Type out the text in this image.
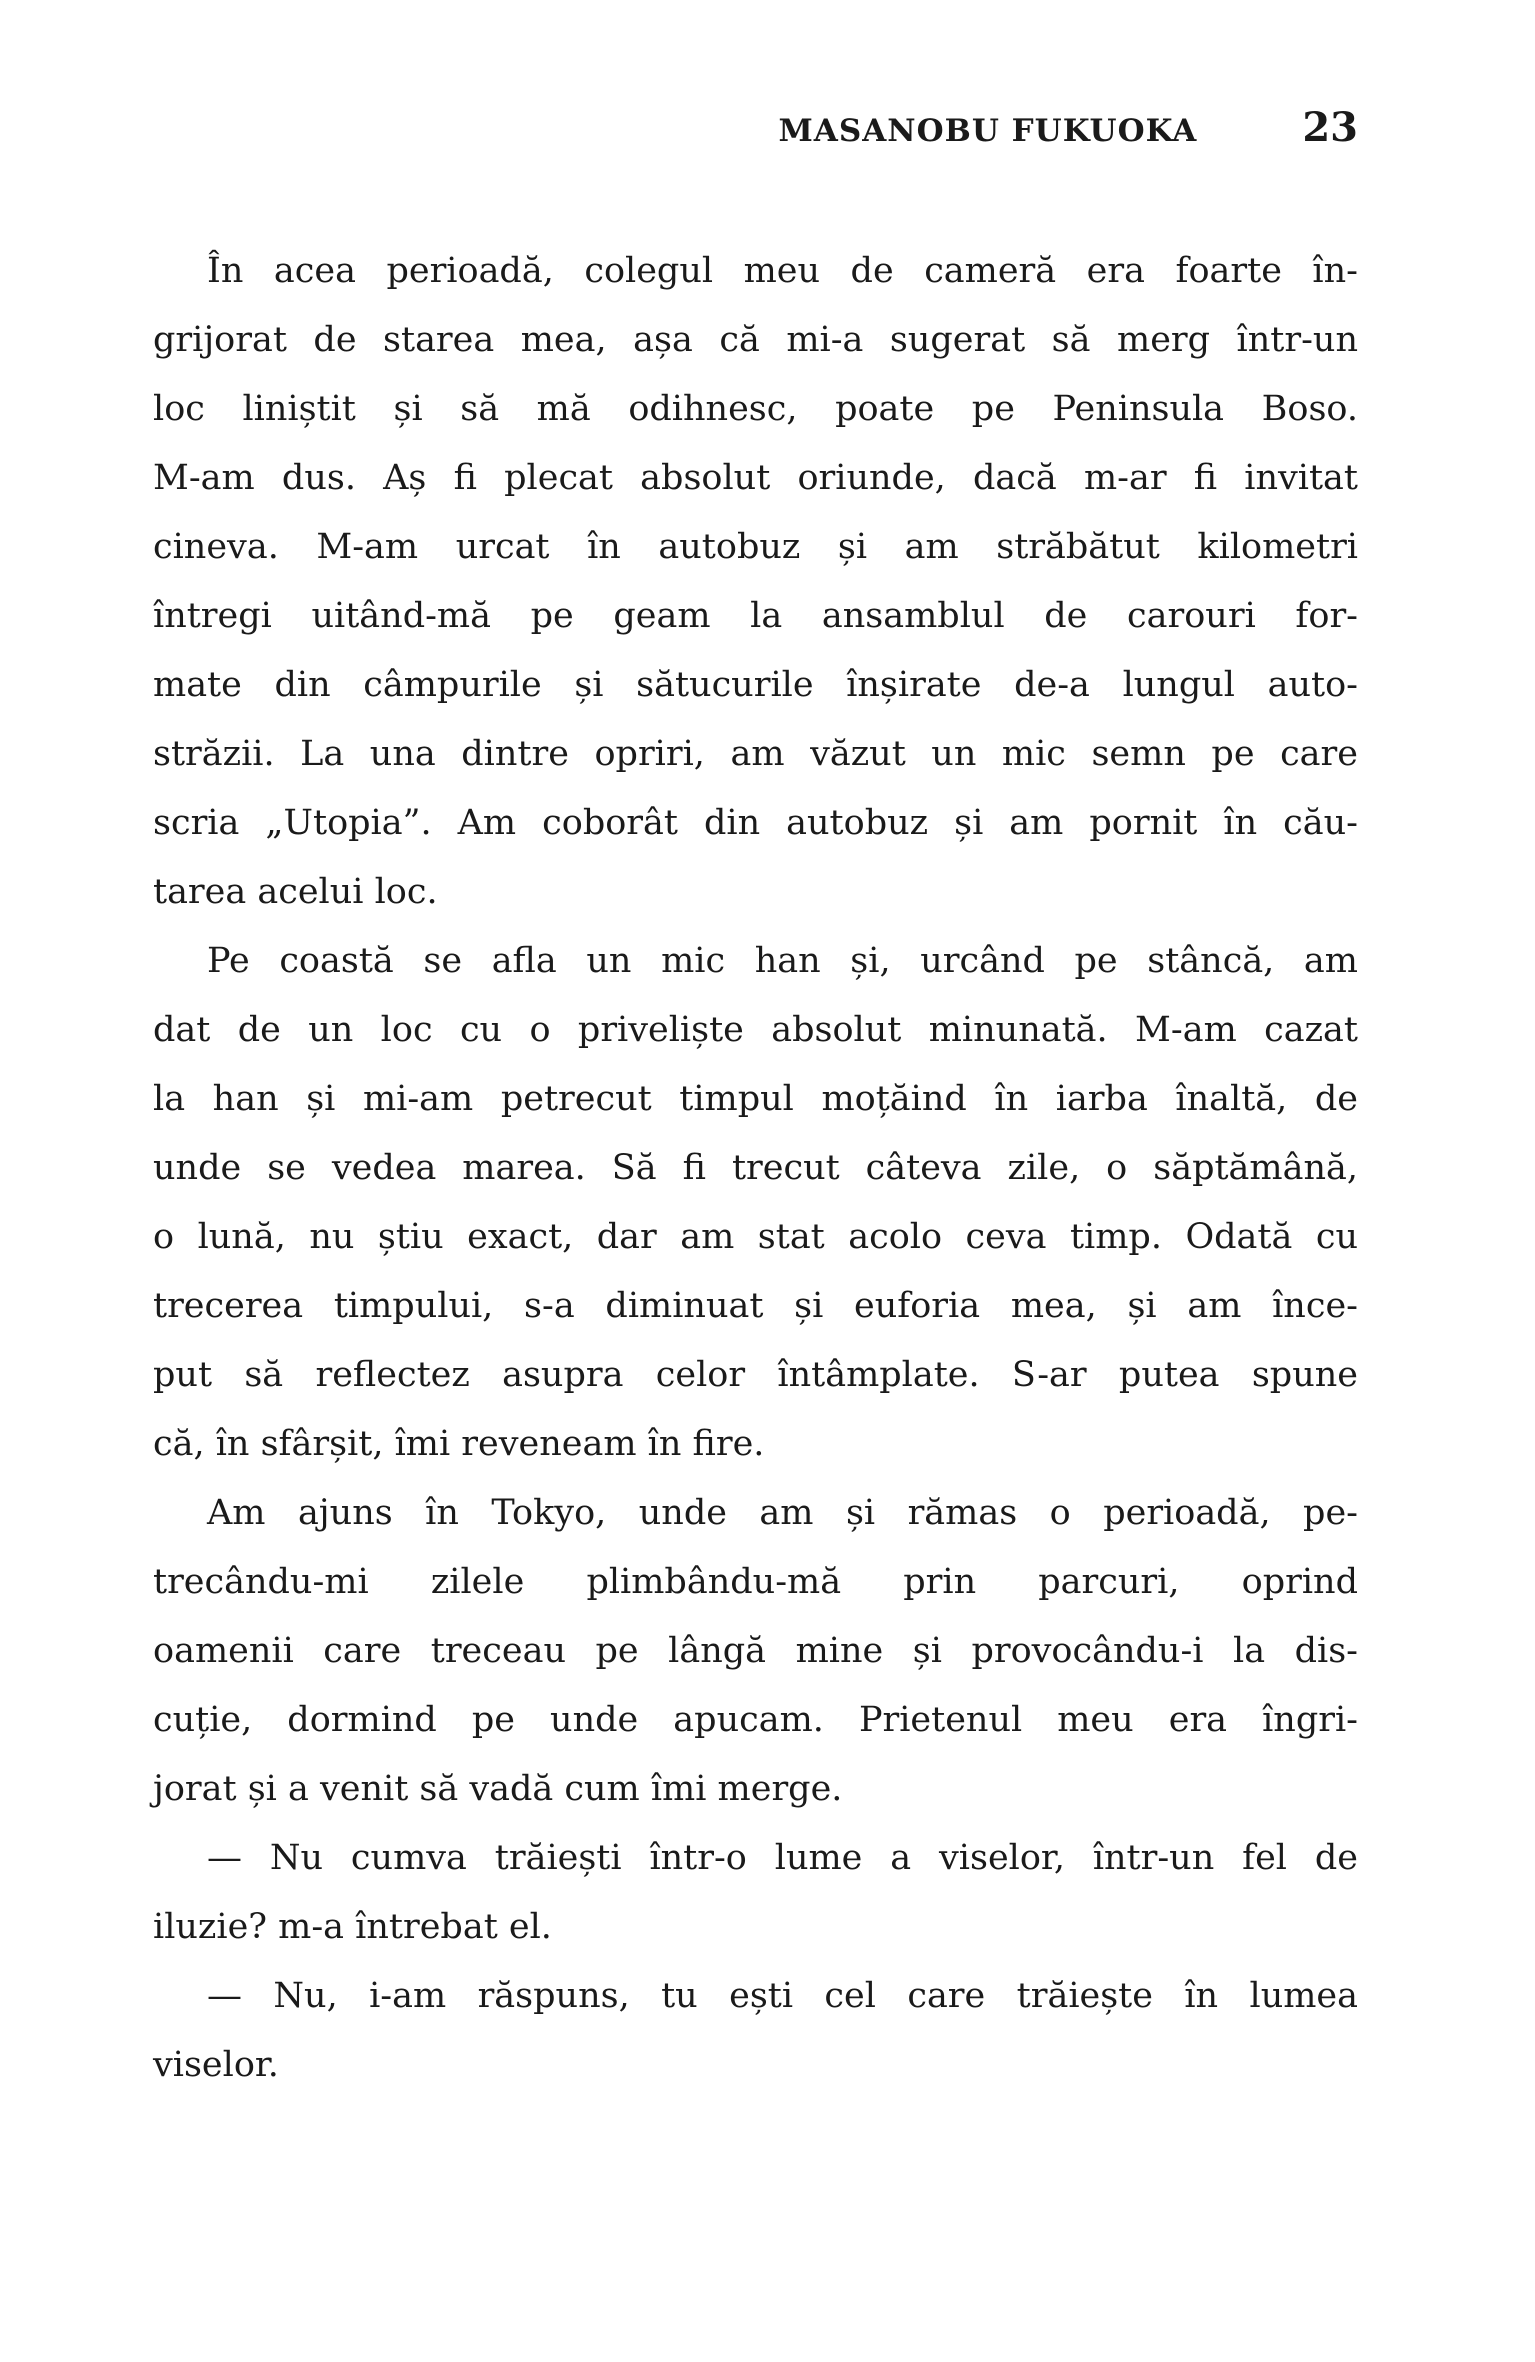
MASANOBU FUKUOKA	23

În acea perioadă, colegul meu de cameră era foarte în-
grijorat de starea mea, așa că mi-a sugerat să merg într-un
loc liniștit și să mă odihnesc, poate pe Peninsula Boso.
M-am dus. Aș fi plecat absolut oriunde, dacă m-ar fi invitat
cineva. M-am urcat în autobuz și am străbătut kilometri
întregi uitând-mă pe geam la ansamblul de carouri for-
mate din câmpurile și sătucurile înșirate de-a lungul auto-
străzii. La una dintre opriri, am văzut un mic semn pe care
scria „Utopia”. Am coborât din autobuz și am pornit în cău-
tarea acelui loc.

Pe coastă se afla un mic han și, urcând pe stâncă, am
dat de un loc cu o priveliște absolut minunată. M-am cazat
la han și mi-am petrecut timpul moțăind în iarba înaltă, de
unde se vedea marea. Să fi trecut câteva zile, o săptămână,
o lună, nu știu exact, dar am stat acolo ceva timp. Odată cu
trecerea timpului, s-a diminuat și euforia mea, și am înce-
put să reflectez asupra celor întâmplate. S-ar putea spune
că, în sfârșit, îmi reveneam în fire.

Am ajuns în Tokyo, unde am și rămas o perioadă, pe-
trecându-mi zilele plimbându-mă prin parcuri, oprind
oamenii care treceau pe lângă mine și provocându-i la dis-
cuție, dormind pe unde apucam. Prietenul meu era îngri-
jorat și a venit să vadă cum îmi merge.

— Nu cumva trăiești într-o lume a viselor, într-un fel de
iluzie? m-a întrebat el.

— Nu, i-am răspuns, tu ești cel care trăiește în lumea
viselor.
